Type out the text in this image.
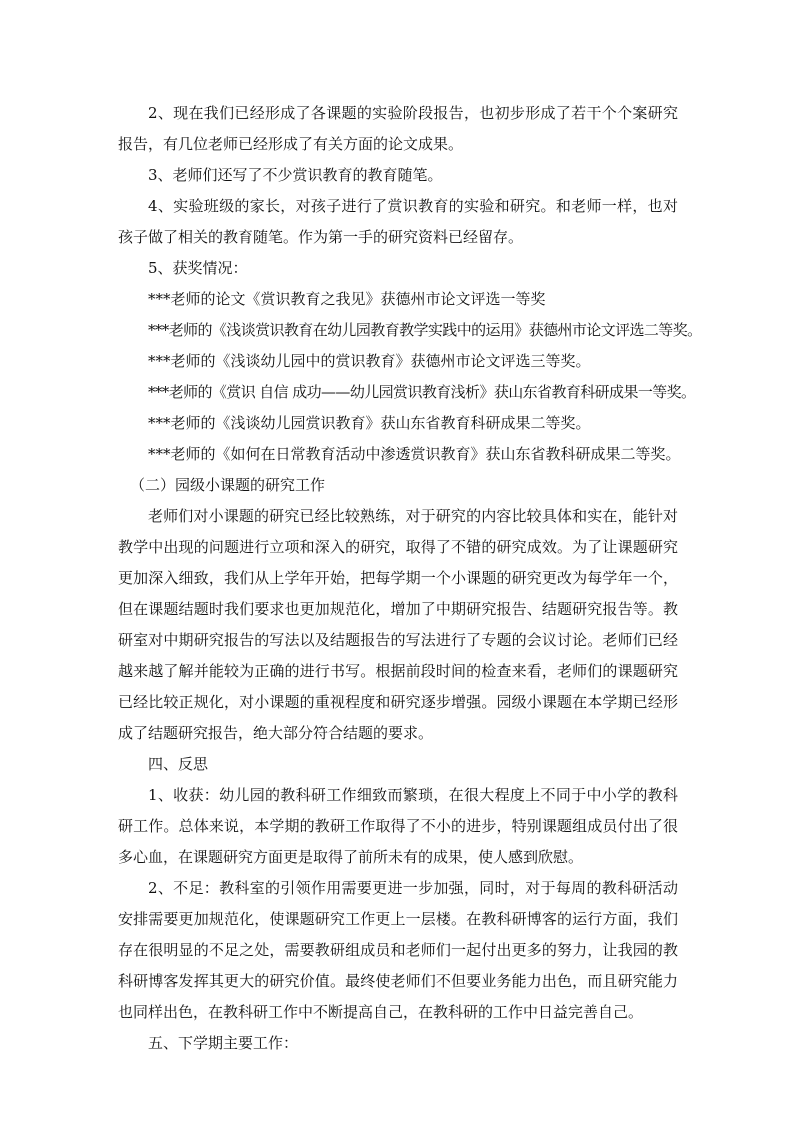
2、现在我们已经形成了各课题的实验阶段报告，也初步形成了若干个个案研究报告，有几位老师已经形成了有关方面的论文成果。

3、老师们还写了不少赏识教育的教育随笔。

4、实验班级的家长，对孩子进行了赏识教育的实验和研究。和老师一样，也对孩子做了相关的教育随笔。作为第一手的研究资料已经留存。

5、获奖情况：

***老师的论文《赏识教育之我见》获德州市论文评选一等奖

***老师的《浅谈赏识教育在幼儿园教育教学实践中的运用》获德州市论文评选二等奖。

***老师的《浅谈幼儿园中的赏识教育》获德州市论文评选三等奖。

***老师的《赏识 自信 成功——幼儿园赏识教育浅析》获山东省教育科研成果一等奖。

***老师的《浅谈幼儿园赏识教育》获山东省教育科研成果二等奖。

***老师的《如何在日常教育活动中渗透赏识教育》获山东省教科研成果二等奖。

（二）园级小课题的研究工作

老师们对小课题的研究已经比较熟练，对于研究的内容比较具体和实在，能针对教学中出现的问题进行立项和深入的研究，取得了不错的研究成效。为了让课题研究更加深入细致，我们从上学年开始，把每学期一个小课题的研究更改为每学年一个，但在课题结题时我们要求也更加规范化，增加了中期研究报告、结题研究报告等。教研室对中期研究报告的写法以及结题报告的写法进行了专题的会议讨论。老师们已经越来越了解并能较为正确的进行书写。根据前段时间的检查来看，老师们的课题研究已经比较正规化，对小课题的重视程度和研究逐步增强。园级小课题在本学期已经形成了结题研究报告，绝大部分符合结题的要求。

四、反思

1、收获：幼儿园的教科研工作细致而繁琐，在很大程度上不同于中小学的教科研工作。总体来说，本学期的教研工作取得了不小的进步，特别课题组成员付出了很多心血，在课题研究方面更是取得了前所未有的成果，使人感到欣慰。

2、不足：教科室的引领作用需要更进一步加强，同时，对于每周的教科研活动安排需要更加规范化，使课题研究工作更上一层楼。在教科研博客的运行方面，我们存在很明显的不足之处，需要教研组成员和老师们一起付出更多的努力，让我园的教科研博客发挥其更大的研究价值。最终使老师们不但要业务能力出色，而且研究能力也同样出色，在教科研工作中不断提高自己，在教科研的工作中日益完善自己。

五、下学期主要工作：
